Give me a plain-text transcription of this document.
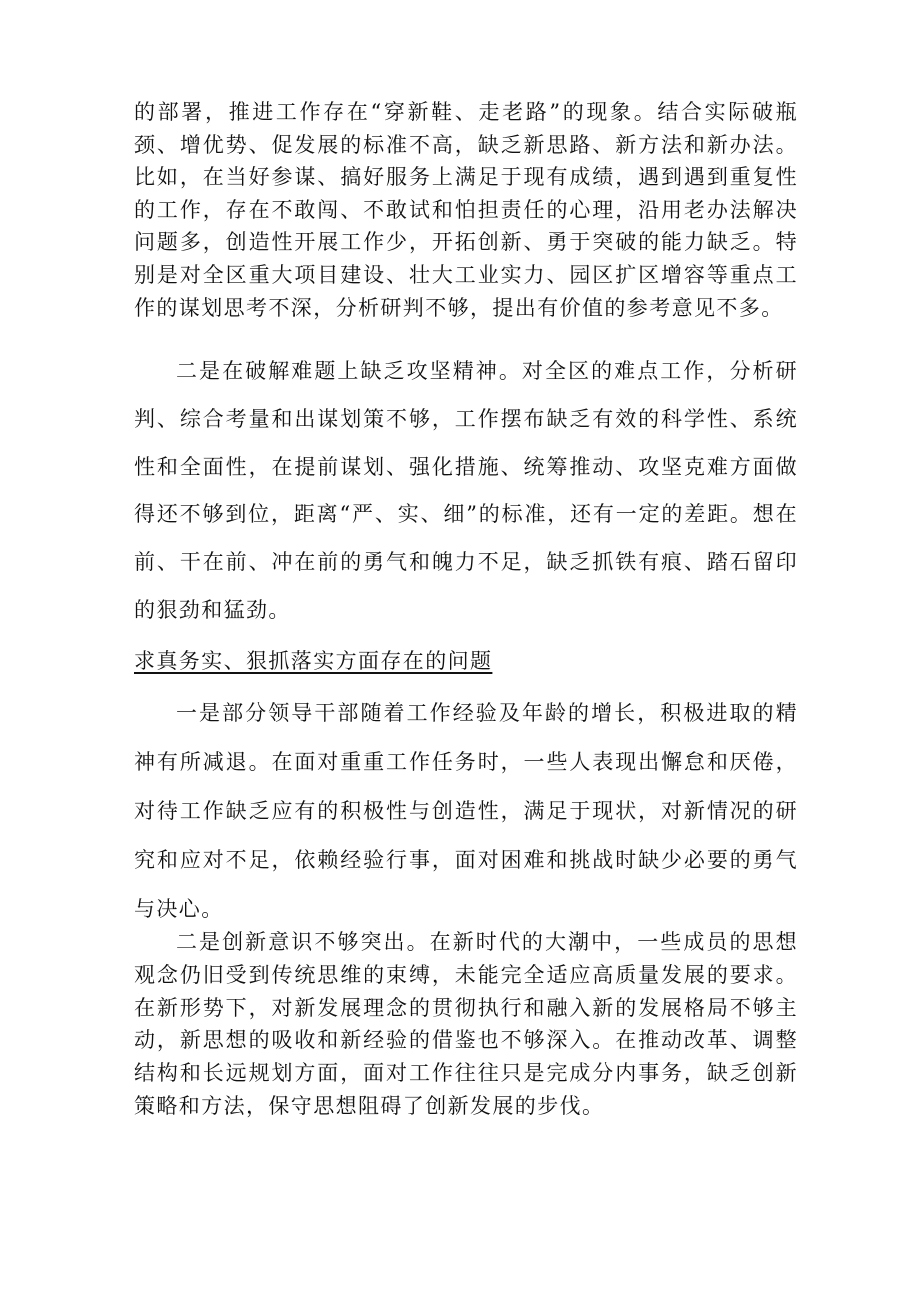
的部署，推进工作存在“穿新鞋、走老路”的现象。结合实际破瓶颈、增优势、促发展的标准不高，缺乏新思路、新方法和新办法。比如，在当好参谋、搞好服务上满足于现有成绩，遇到遇到重复性的工作，存在不敢闯、不敢试和怕担责任的心理，沿用老办法解决问题多，创造性开展工作少，开拓创新、勇于突破的能力缺乏。特别是对全区重大项目建设、壮大工业实力、园区扩区增容等重点工作的谋划思考不深，分析研判不够，提出有价值的参考意见不多。

二是在破解难题上缺乏攻坚精神。对全区的难点工作，分析研判、综合考量和出谋划策不够，工作摆布缺乏有效的科学性、系统性和全面性，在提前谋划、强化措施、统筹推动、攻坚克难方面做得还不够到位，距离“严、实、细”的标准，还有一定的差距。想在前、干在前、冲在前的勇气和魄力不足，缺乏抓铁有痕、踏石留印的狠劲和猛劲。

求真务实、狠抓落实方面存在的问题

一是部分领导干部随着工作经验及年龄的增长，积极进取的精神有所减退。在面对重重工作任务时，一些人表现出懈怠和厌倦，对待工作缺乏应有的积极性与创造性，满足于现状，对新情况的研究和应对不足，依赖经验行事，面对困难和挑战时缺少必要的勇气与决心。

二是创新意识不够突出。在新时代的大潮中，一些成员的思想观念仍旧受到传统思维的束缚，未能完全适应高质量发展的要求。在新形势下，对新发展理念的贯彻执行和融入新的发展格局不够主动，新思想的吸收和新经验的借鉴也不够深入。在推动改革、调整结构和长远规划方面，面对工作往往只是完成分内事务，缺乏创新策略和方法，保守思想阻碍了创新发展的步伐。
